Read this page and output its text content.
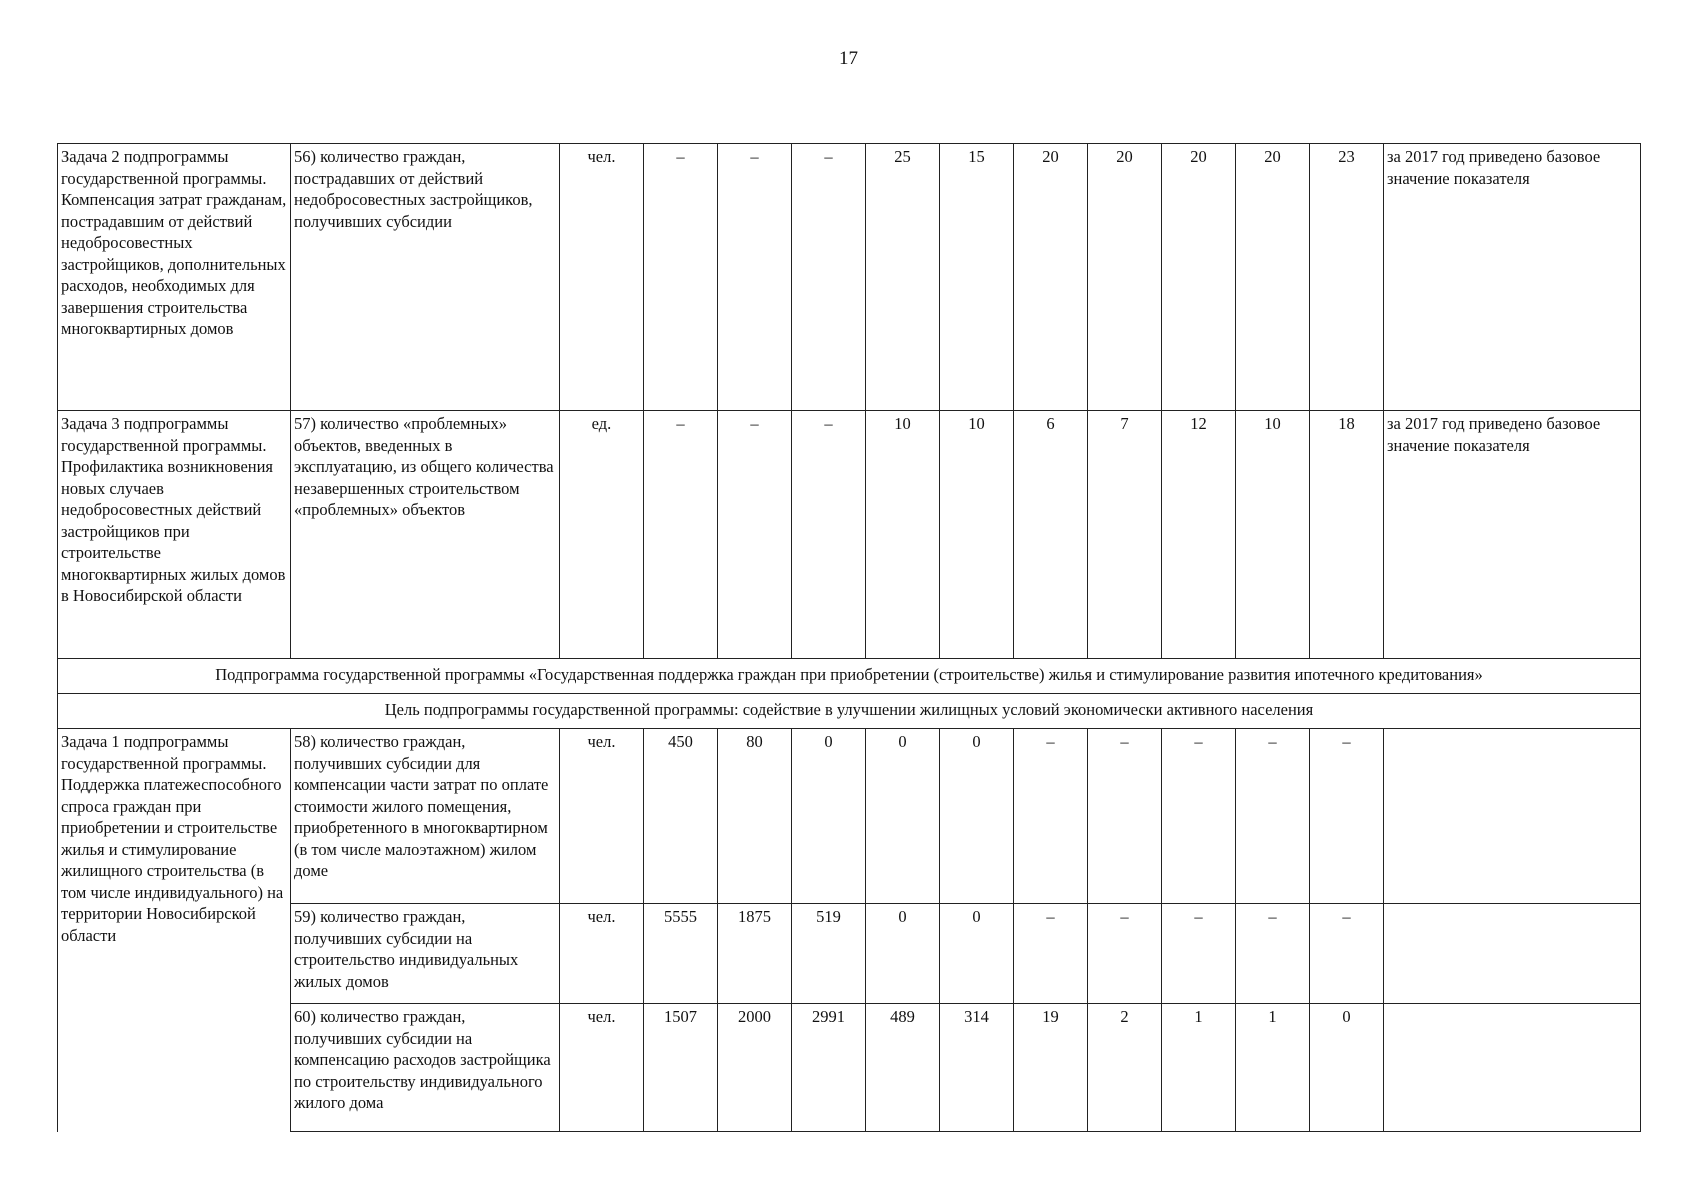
17
Задача 2 подпрограммы государственной программы. Компенсация затрат гражданам, пострадавшим от действий недобросовестных застройщиков, дополнительных расходов, необходимых для завершения строительства многоквартирных домов	56) количество граждан, пострадавших от действий недобросовестных застройщиков, получивших субсидии	чел.	–	–	–	25	15	20	20	20	20	23	за 2017 год приведено базовое значение показателя
Задача 3 подпрограммы государственной программы. Профилактика возникновения новых случаев недобросовестных действий застройщиков при строительстве многоквартирных жилых домов в Новосибирской области	57) количество «проблемных» объектов, введенных в эксплуатацию, из общего количества незавершенных строительством «проблемных» объектов	ед.	–	–	–	10	10	6	7	12	10	18	за 2017 год приведено базовое значение показателя
Подпрограмма государственной программы «Государственная поддержка граждан при приобретении (строительстве) жилья и стимулирование развития ипотечного кредитования»													
Цель подпрограммы государственной программы: содействие в улучшении жилищных условий экономически активного населения													
Задача 1 подпрограммы государственной программы. Поддержка платежеспособного спроса граждан при приобретении и строительстве жилья и стимулирование жилищного строительства (в том числе индивидуального) на территории Новосибирской области	58) количество граждан, получивших субсидии для компенсации части затрат по оплате стоимости жилого помещения, приобретенного в многоквартирном (в том числе малоэтажном) жилом доме	чел.	450	80	0	0	0	–	–	–	–	–	
	59) количество граждан, получивших субсидии на строительство индивидуальных жилых домов	чел.	5555	1875	519	0	0	–	–	–	–	–	
	60) количество граждан, получивших субсидии на компенсацию расходов застройщика по строительству индивидуального жилого дома	чел.	1507	2000	2991	489	314	19	2	1	1	0	
